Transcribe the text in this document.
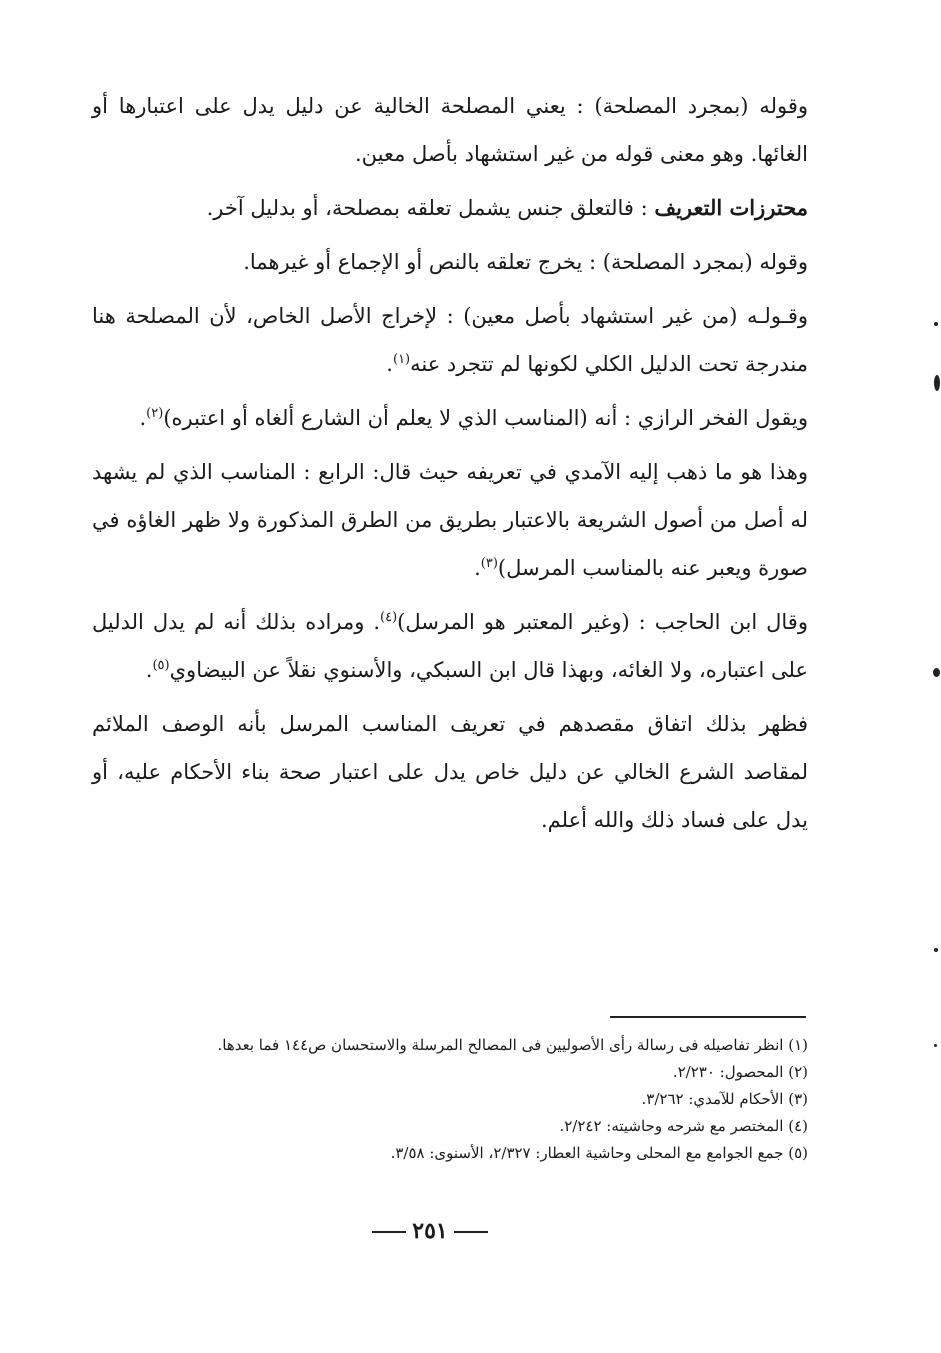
وقوله (بمجرد المصلحة) : يعني المصلحة الخالية عن دليل يدل على اعتبارها أو الغائها. وهو معنى قوله من غير استشهاد بأصل معين.

محترزات التعريف : فالتعلق جنس يشمل تعلقه بمصلحة، أو بدليل آخر.

وقوله (بمجرد المصلحة) : يخرج تعلقه بالنص أو الإجماع أو غيرهما.

وقـولـه (من غير استشهاد بأصل معين) : لإخراج الأصل الخاص، لأن المصلحة هنا مندرجة تحت الدليل الكلي لكونها لم تتجرد عنه$^{(١)}$.

ويقول الفخر الرازي : أنه (المناسب الذي لا يعلم أن الشارع ألغاه أو اعتبره)$^{(٢)}$.

وهذا هو ما ذهب إليه الآمدي في تعريفه حيث قال: الرابع : المناسب الذي لم يشهد له أصل من أصول الشريعة بالاعتبار بطريق من الطرق المذكورة ولا ظهر الغاؤه في صورة ويعبر عنه بالمناسب المرسل)$^{(٣)}$.

وقال ابن الحاجب : (وغير المعتبر هو المرسل)$^{(٤)}$. ومراده بذلك أنه لم يدل الدليل على اعتباره، ولا الغائه، وبهذا قال ابن السبكي، والأسنوي نقلاً عن البيضاوي$^{(٥)}$.

فظهر بذلك اتفاق مقصدهم في تعريف المناسب المرسل بأنه الوصف الملائم لمقاصد الشرع الخالي عن دليل خاص يدل على اعتبار صحة بناء الأحكام عليه، أو يدل على فساد ذلك والله أعلم.

(١) انظر تفاصيله فى رسالة رأى الأصوليين فى المصالح المرسلة والاستحسان ص١٤٤ فما بعدها.

(٢) المحصول: ٢/٢٣٠.

(٣) الأحكام للآمدي: ٣/٢٦٢.

(٤) المختصر مع شرحه وحاشيته: ٢/٢٤٢.

(٥) جمع الجوامع مع المحلى وحاشية العطار: ٢/٣٢٧، الأسنوى: ٣/٥٨.

٢٥١
